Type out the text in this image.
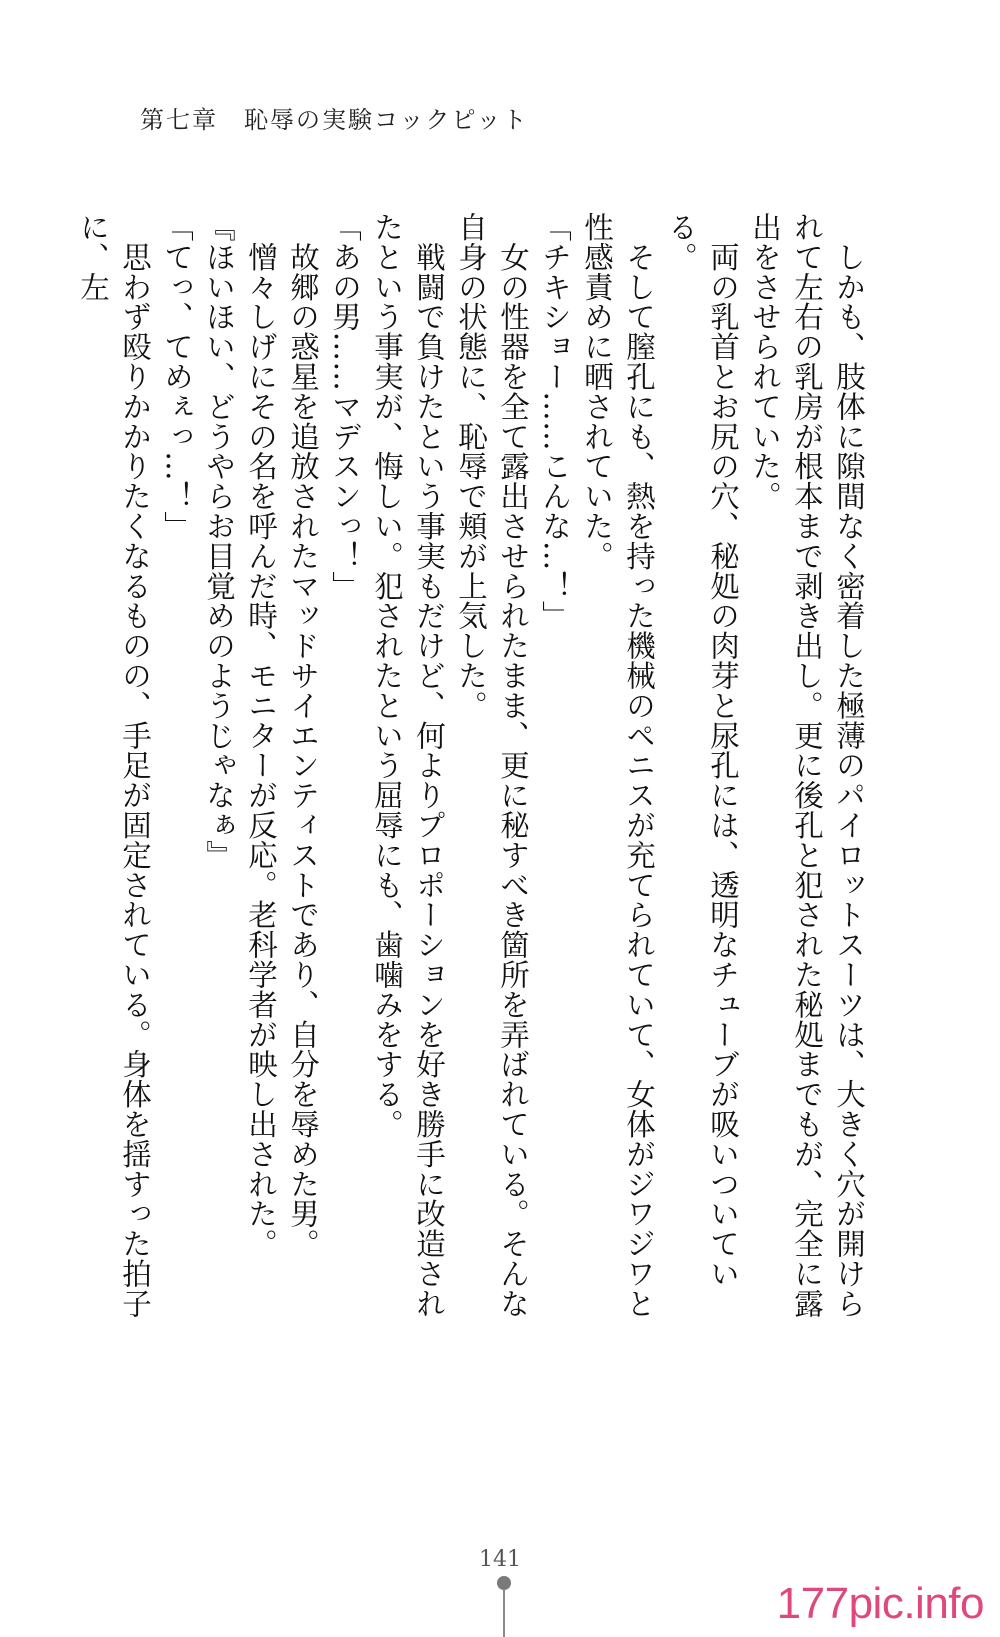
第七章　恥辱の実験コックピット

　しかも、肢体に隙間なく密着した極薄のパイロットスーツは、大きく穴が開けられて左右の乳房が根本まで剥き出し。更に後孔と犯された秘処までもが、完全に露出をさせられていた。

　両の乳首とお尻の穴、秘処の肉芽と尿孔には、透明なチューブが吸いついている。

　そして膣孔にも、熱を持った機械のペニスが充てられていて、女体がジワジワと性感責めに晒されていた。

「チキショー……こんな…！」

　女の性器を全て露出させられたまま、更に秘すべき箇所を弄ばれている。そんな自身の状態に、恥辱で頬が上気した。

　戦闘で負けたという事実もだけど、何よりプロポーションを好き勝手に改造されたという事実が、悔しい。犯されたという屈辱にも、歯噛みをする。

「あの男……マデスンっ！」

　故郷の惑星を追放されたマッドサイエンティストであり、自分を辱めた男。

　憎々しげにその名を呼んだ時、モニターが反応。老科学者が映し出された。

『ほいほい、どうやらお目覚めのようじゃなぁ』

「てっ、てめぇっ…！」

　思わず殴りかかりたくなるものの、手足が固定されている。身体を揺すった拍子に、左

141
177pic.info
